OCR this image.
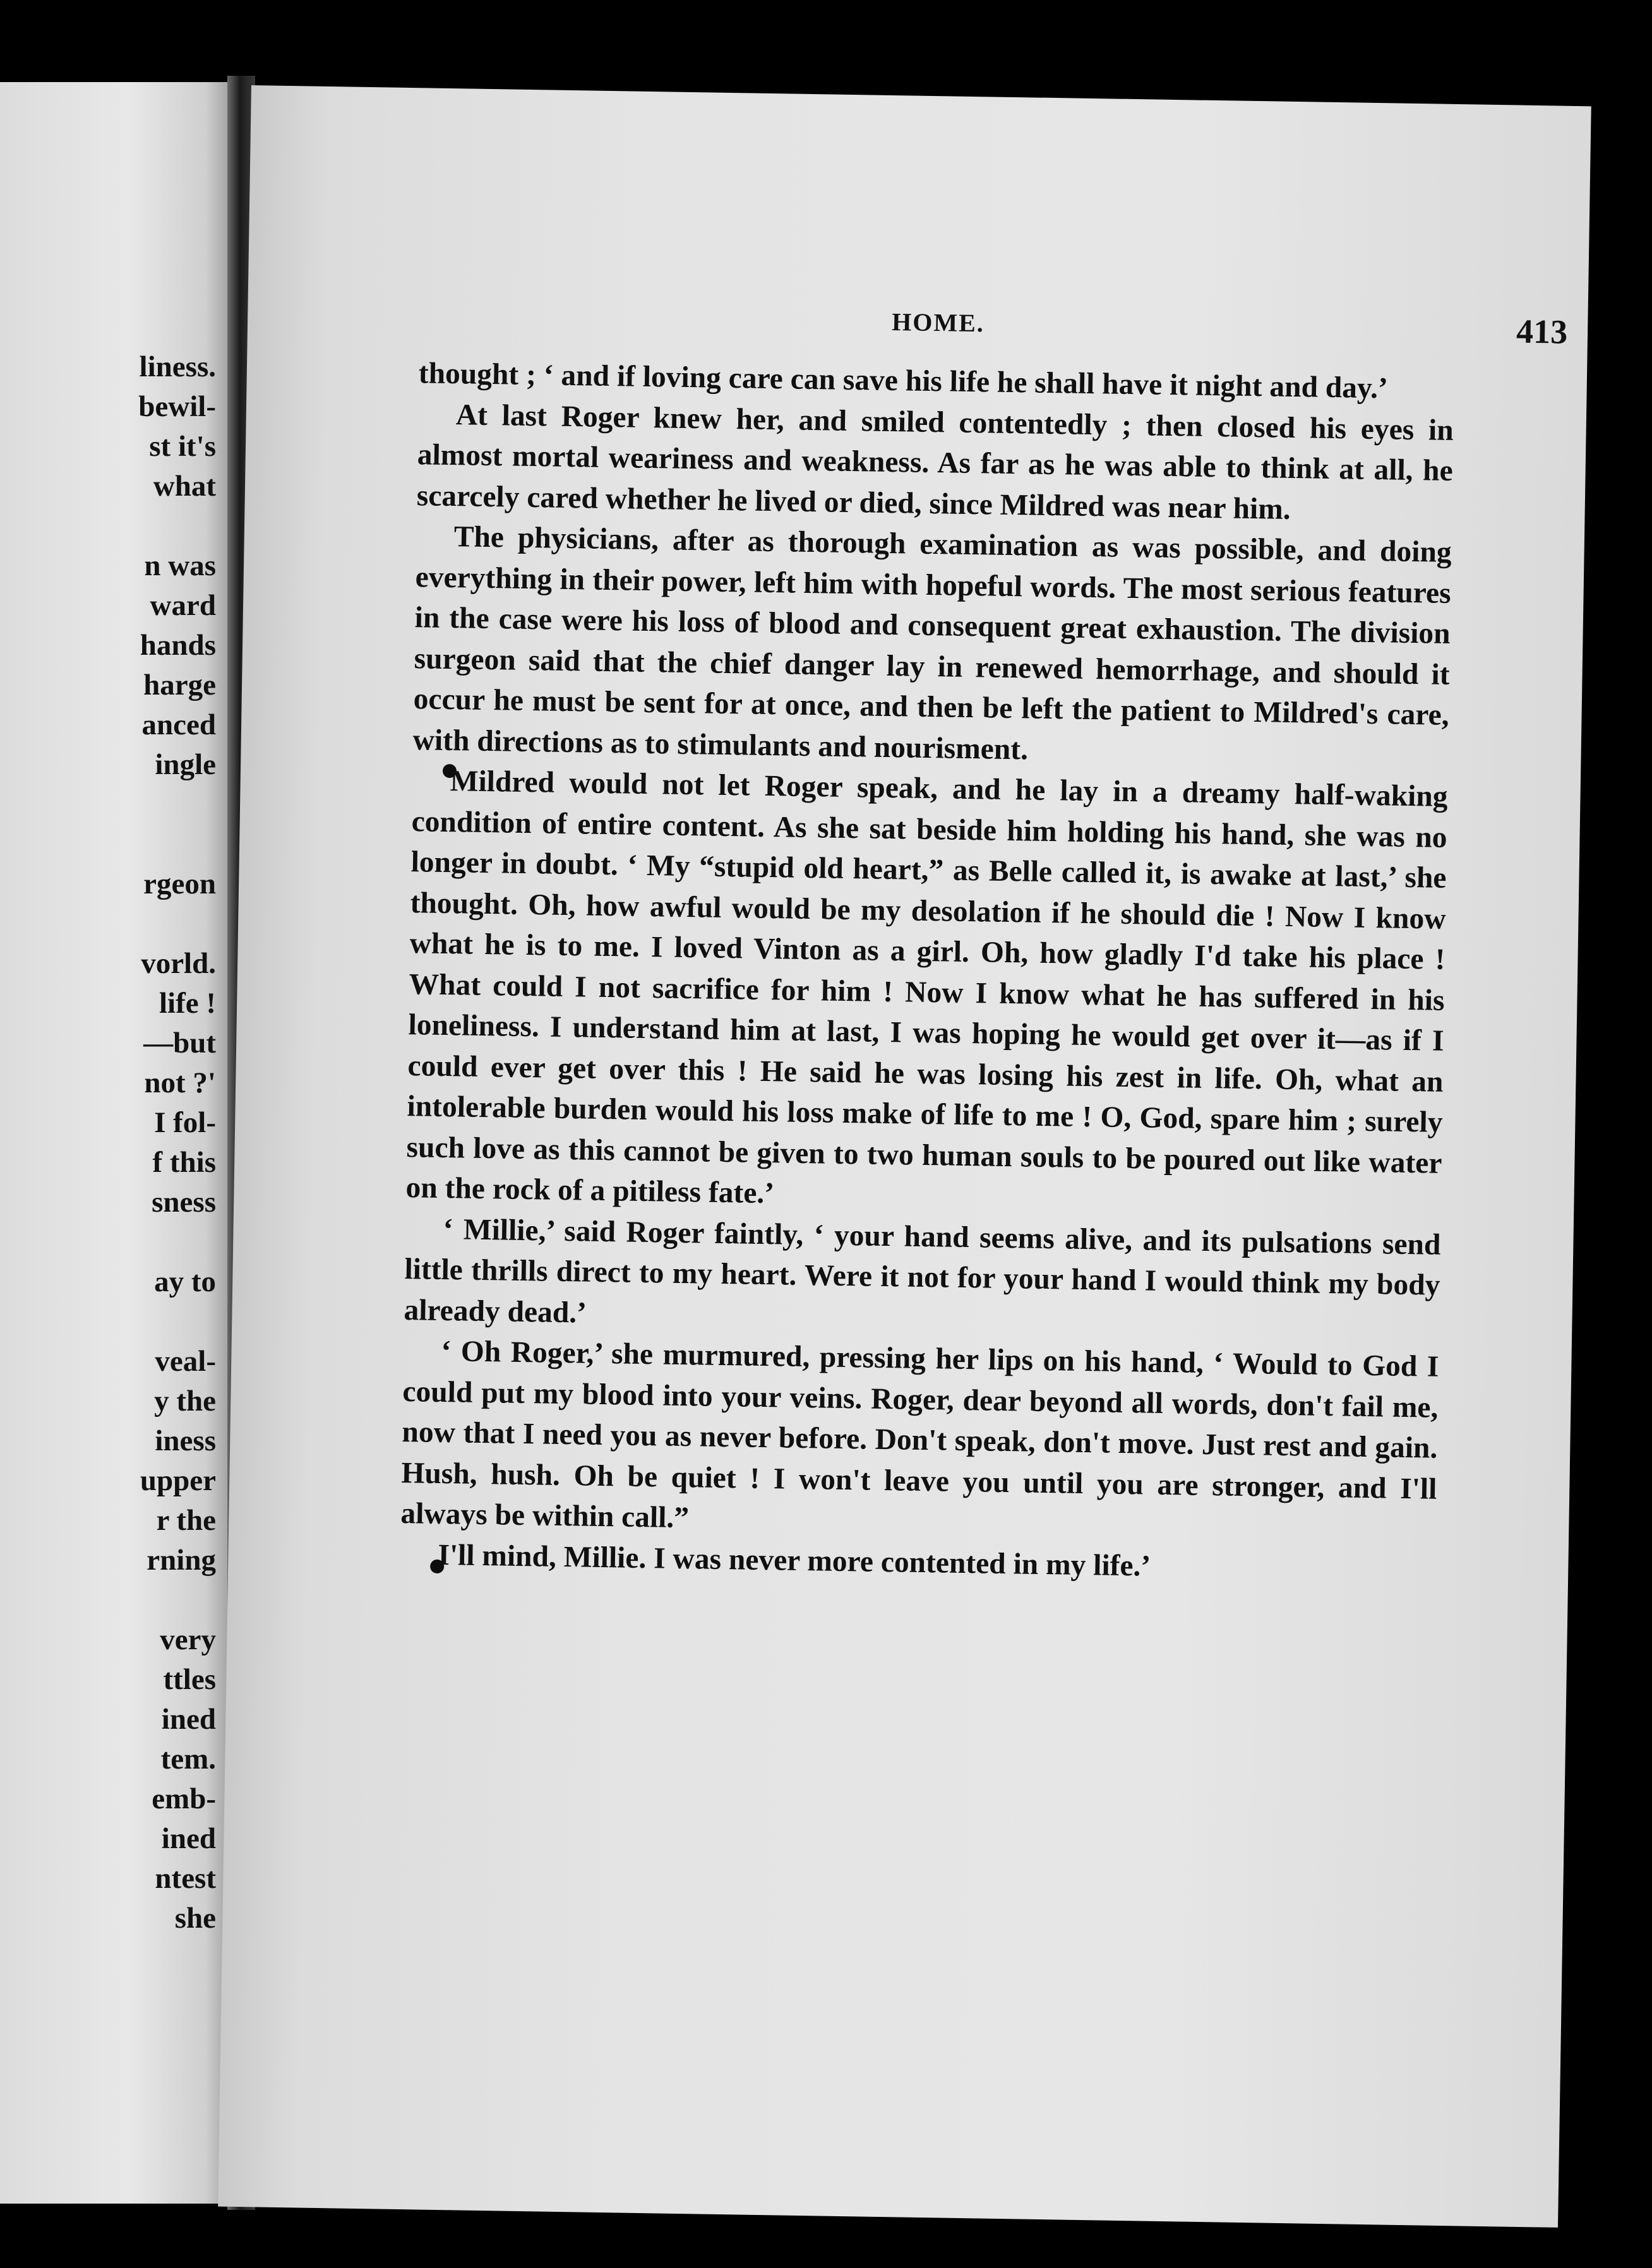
liness.
bewil-
st it's
what
n was
ward
hands
harge
anced
ingle
rgeon
vorld.
life !
—but
not ?'
I fol-
f this
sness
ay to
veal-
y the
iness
upper
r the
rning
very
ttles
ined
tem.
emb-
ined
ntest
she
HOME.	413

thought ; ‘ and if loving care can save his life he shall have it night and day.’

At last Roger knew her, and smiled contentedly ; then closed his eyes in almost mortal weariness and weakness. As far as he was able to think at all, he scarcely cared whether he lived or died, since Mildred was near him.

The physicians, after as thorough examination as was possible, and doing everything in their power, left him with hopeful words. The most serious features in the case were his loss of blood and consequent great exhaustion. The division surgeon said that the chief danger lay in renewed hemorrhage, and should it occur he must be sent for at once, and then be left the patient to Mildred's care, with directions as to stimulants and nourisment.

Mildred would not let Roger speak, and he lay in a dreamy half-waking condition of entire content. As she sat beside him holding his hand, she was no longer in doubt. ‘ My “stupid old heart,” as Belle called it, is awake at last,’ she thought. Oh, how awful would be my desolation if he should die ! Now I know what he is to me. I loved Vinton as a girl. Oh, how gladly I'd take his place ! What could I not sacrifice for him ! Now I know what he has suffered in his loneliness. I understand him at last, I was hoping he would get over it—as if I could ever get over this ! He said he was losing his zest in life. Oh, what an intolerable burden would his loss make of life to me ! O, God, spare him ; surely such love as this cannot be given to two human souls to be poured out like water on the rock of a pitiless fate.’

‘ Millie,’ said Roger faintly, ‘ your hand seems alive, and its pulsations send little thrills direct to my heart. Were it not for your hand I would think my body already dead.’

‘ Oh Roger,’ she murmured, pressing her lips on his hand, ‘ Would to God I could put my blood into your veins. Roger, dear beyond all words, don't fail me, now that I need you as never before. Don't speak, don't move. Just rest and gain. Hush, hush. Oh be quiet ! I won't leave you until you are stronger, and I'll always be within call.”

I'll mind, Millie. I was never more contented in my life.’
